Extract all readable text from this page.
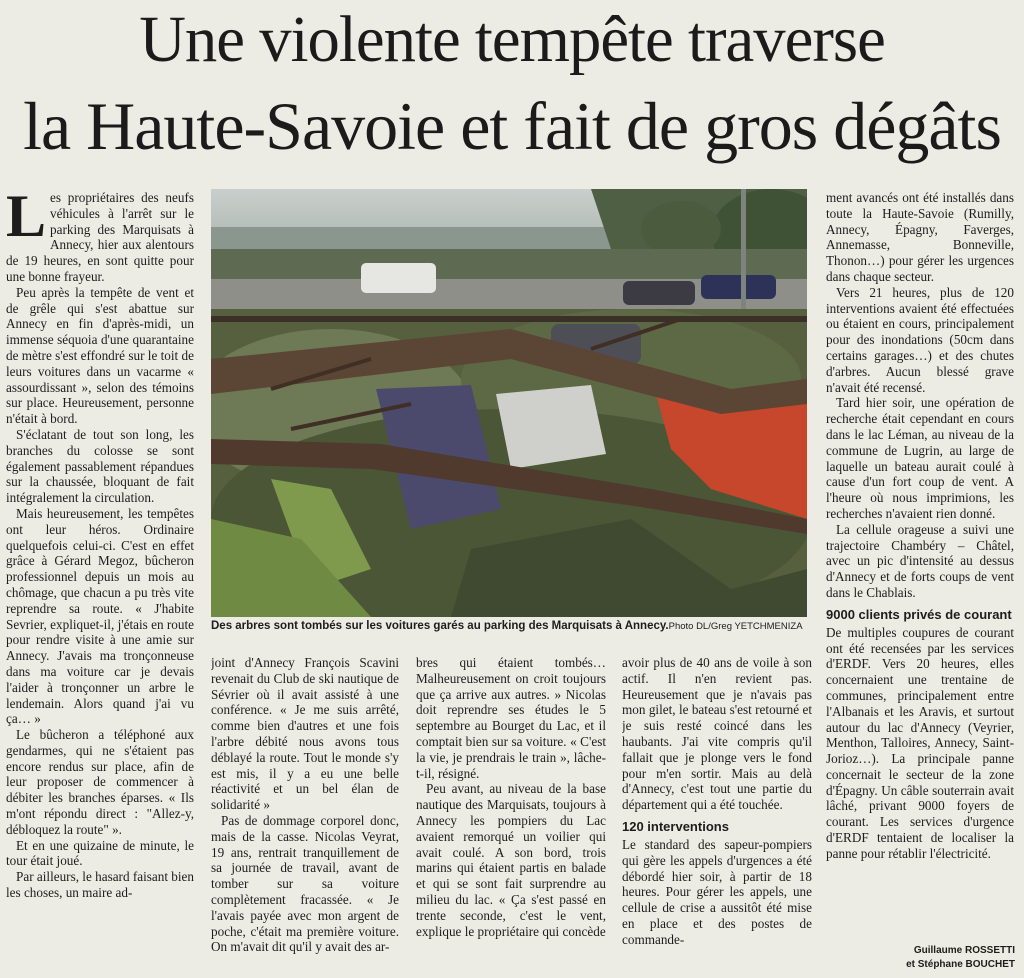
Une violente tempête traverse
la Haute-Savoie et fait de gros dégâts

Les propriétaires des neufs véhicules à l'arrêt sur le parking des Marquisats à Annecy, hier aux alentours de 19 heures, en sont quitte pour une bonne frayeur.

Peu après la tempête de vent et de grêle qui s'est abattue sur Annecy en fin d'après-midi, un immense séquoia d'une quarantaine de mètre s'est effondré sur le toit de leurs voitures dans un vacarme « assourdissant », selon des témoins sur place. Heureusement, personne n'était à bord.

S'éclatant de tout son long, les branches du colosse se sont également passablement répandues sur la chaussée, bloquant de fait intégralement la circulation.

Mais heureusement, les tempêtes ont leur héros. Ordinaire quelquefois celui-ci. C'est en effet grâce à Gérard Megoz, bûcheron professionnel depuis un mois au chômage, que chacun a pu très vite reprendre sa route. « J'habite Sevrier, expliquet-il, j'étais en route pour rendre visite à une amie sur Annecy. J'avais ma tronçonneuse dans ma voiture car je devais l'aider à tronçonner un arbre le lendemain. Alors quand j'ai vu ça… »

Le bûcheron a téléphoné aux gendarmes, qui ne s'étaient pas encore rendus sur place, afin de leur proposer de commencer à débiter les branches éparses. « Ils m'ont répondu direct : "Allez-y, débloquez la route" ».

Et en une quizaine de minute, le tour était joué.

Par ailleurs, le hasard faisant bien les choses, un maire ad-

Des arbres sont tombés sur les voitures garés au parking des Marquisats à Annecy.Photo DL/Greg YETCHMENIZA

ment avancés ont été installés dans toute la Haute-Savoie (Rumilly, Annecy, Épagny, Faverges, Annemasse, Bonneville, Thonon…) pour gérer les urgences dans chaque secteur.

Vers 21 heures, plus de 120 interventions avaient été effectuées ou étaient en cours, principalement pour des inondations (50cm dans certains garages…) et des chutes d'arbres. Aucun blessé grave n'avait été recensé.

Tard hier soir, une opération de recherche était cependant en cours dans le lac Léman, au niveau de la commune de Lugrin, au large de laquelle un bateau aurait coulé à cause d'un fort coup de vent. A l'heure où nous imprimions, les recherches n'avaient rien donné.

La cellule orageuse a suivi une trajectoire Chambéry – Châtel, avec un pic d'intensité au dessus d'Annecy et de forts coups de vent dans le Chablais.

9000 clients privés de courant

De multiples coupures de courant ont été recensées par les services d'ERDF. Vers 20 heures, elles concernaient une trentaine de communes, principalement entre l'Albanais et les Aravis, et surtout autour du lac d'Annecy (Veyrier, Menthon, Talloires, Annecy, Saint-Jorioz…). La principale panne concernait le secteur de la zone d'Épagny. Un câble souterrain avait lâché, privant 9000 foyers de courant. Les services d'urgence d'ERDF tentaient de localiser la panne pour rétablir l'électricité.

joint d'Annecy François Scavini revenait du Club de ski nautique de Sévrier où il avait assisté à une conférence. « Je me suis arrêté, comme bien d'autres et une fois l'arbre débité nous avons tous déblayé la route. Tout le monde s'y est mis, il y a eu une belle réactivité et un bel élan de solidarité »

Pas de dommage corporel donc, mais de la casse. Nicolas Veyrat, 19 ans, rentrait tranquillement de sa journée de travail, avant de tomber sur sa voiture complètement fracassée. « Je l'avais payée avec mon argent de poche, c'était ma première voiture. On m'avait dit qu'il y avait des ar-

bres qui étaient tombés… Malheureusement on croit toujours que ça arrive aux autres. » Nicolas doit reprendre ses études le 5 septembre au Bourget du Lac, et il comptait bien sur sa voiture. « C'est la vie, je prendrais le train », lâche-t-il, résigné.

Peu avant, au niveau de la base nautique des Marquisats, toujours à Annecy les pompiers du Lac avaient remorqué un voilier qui avait coulé. A son bord, trois marins qui étaient partis en balade et qui se sont fait surprendre au milieu du lac. « Ça s'est passé en trente seconde, c'est le vent, explique le propriétaire qui concède

avoir plus de 40 ans de voile à son actif. Il n'en revient pas. Heureusement que je n'avais pas mon gilet, le bateau s'est retourné et je suis resté coincé dans les haubants. J'ai vite compris qu'il fallait que je plonge vers le fond pour m'en sortir. Mais au delà d'Annecy, c'est tout une partie du département qui a été touchée.

120 interventions

Le standard des sapeur-pompiers qui gère les appels d'urgences a été débordé hier soir, à partir de 18 heures. Pour gérer les appels, une cellule de crise a aussitôt été mise en place et des postes de commande-

Guillaume ROSSETTI
et Stéphane BOUCHET
